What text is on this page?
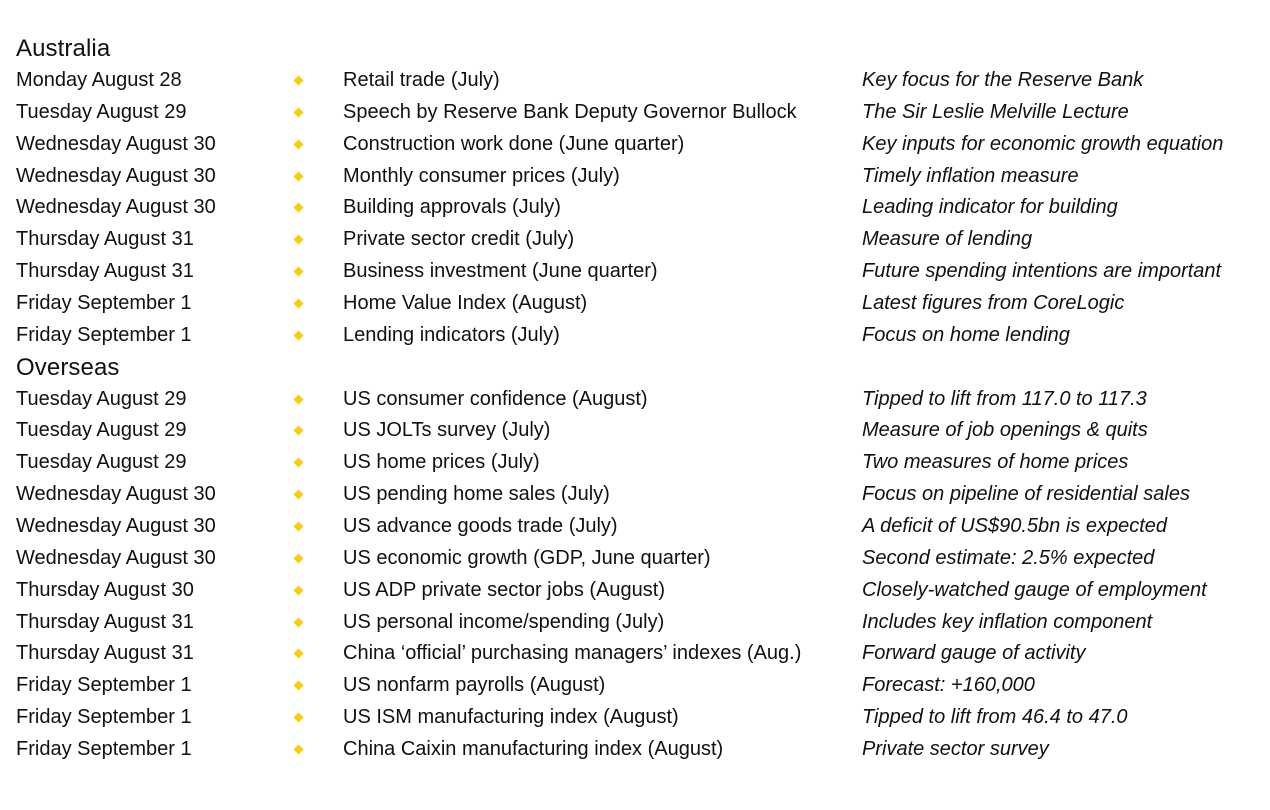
Australia
Monday August 28	Retail trade (July)	Key focus for the Reserve Bank
Tuesday August 29	Speech by Reserve Bank Deputy Governor Bullock	The Sir Leslie Melville Lecture
Wednesday August 30	Construction work done (June quarter)	Key inputs for economic growth equation
Wednesday August 30	Monthly consumer prices (July)	Timely inflation measure
Wednesday August 30	Building approvals (July)	Leading indicator for building
Thursday August 31	Private sector credit (July)	Measure of lending
Thursday August 31	Business investment (June quarter)	Future spending intentions are important
Friday September 1	Home Value Index (August)	Latest figures from CoreLogic
Friday September 1	Lending indicators (July)	Focus on home lending
Overseas
Tuesday August 29	US consumer confidence (August)	Tipped to lift from 117.0 to 117.3
Tuesday August 29	US JOLTs survey (July)	Measure of job openings & quits
Tuesday August 29	US home prices (July)	Two measures of home prices
Wednesday August 30	US pending home sales (July)	Focus on pipeline of residential sales
Wednesday August 30	US advance goods trade (July)	A deficit of US$90.5bn is expected
Wednesday August 30	US economic growth (GDP, June quarter)	Second estimate: 2.5% expected
Thursday August 30	US ADP private sector jobs (August)	Closely-watched gauge of employment
Thursday August 31	US personal income/spending (July)	Includes key inflation component
Thursday August 31	China ‘official’ purchasing managers’ indexes (Aug.)	Forward gauge of activity
Friday September 1	US nonfarm payrolls (August)	Forecast: +160,000
Friday September 1	US ISM manufacturing index (August)	Tipped to lift from 46.4 to 47.0
Friday September 1	China Caixin manufacturing index (August)	Private sector survey
